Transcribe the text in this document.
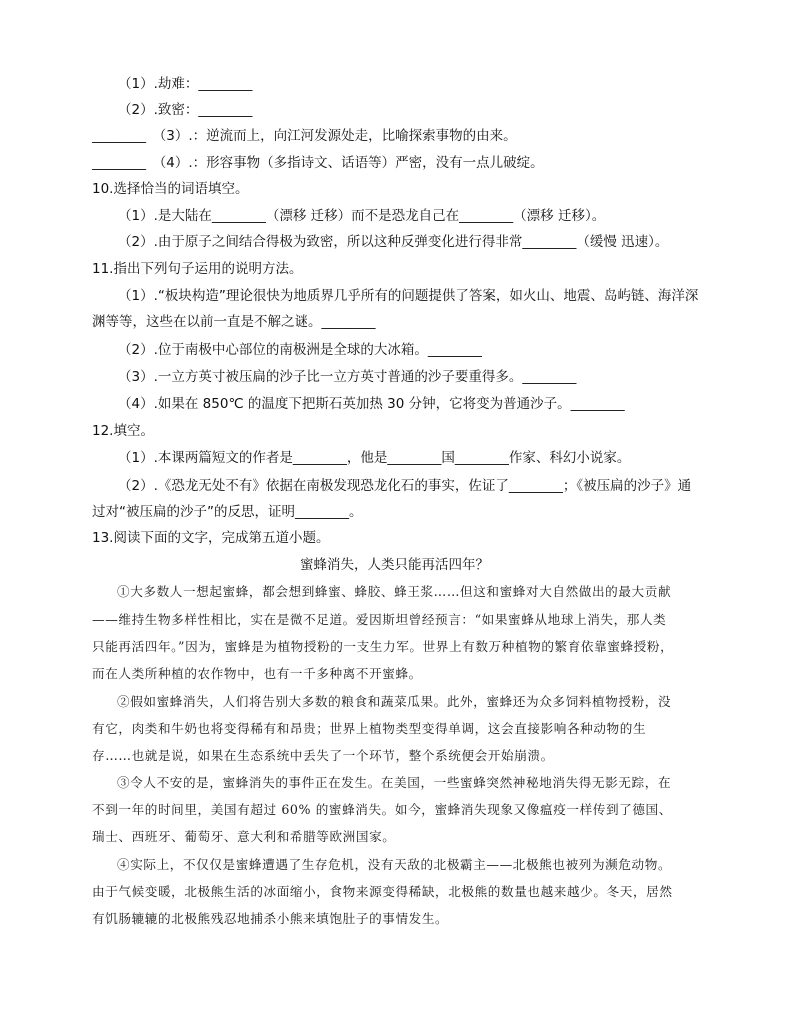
（1）.劫难：________
（2）.致密：________
________　（3）.：逆流而上，向江河发源处走，比喻探索事物的由来。
________　（4）.：形容事物（多指诗文、话语等）严密，没有一点儿破绽。
10.选择恰当的词语填空。
（1）.是大陆在________（漂移 迁移）而不是恐龙自己在________（漂移 迁移）。
（2）.由于原子之间结合得极为致密，所以这种反弹变化进行得非常________（缓慢 迅速）。
11.指出下列句子运用的说明方法。
（1）.“板块构造”理论很快为地质界几乎所有的问题提供了答案，如火山、地震、岛屿链、海洋深
渊等等，这些在以前一直是不解之谜。________
（2）.位于南极中心部位的南极洲是全球的大冰箱。________
（3）.一立方英寸被压扁的沙子比一立方英寸普通的沙子要重得多。________
（4）.如果在 850℃ 的温度下把斯石英加热 30 分钟，它将变为普通沙子。________
12.填空。
（1）.本课两篇短文的作者是________，他是________国________作家、科幻小说家。
（2）.《恐龙无处不有》依据在南极发现恐龙化石的事实，佐证了________；《被压扁的沙子》通
过对“被压扁的沙子”的反思，证明________。
13.阅读下面的文字，完成第五道小题。
蜜蜂消失，人类只能再活四年？
①大多数人一想起蜜蜂，都会想到蜂蜜、蜂胶、蜂王浆……但这和蜜蜂对大自然做出的最大贡献
——维持生物多样性相比，实在是微不足道。爱因斯坦曾经预言：“如果蜜蜂从地球上消失，那人类
只能再活四年。”因为，蜜蜂是为植物授粉的一支生力军。世界上有数万种植物的繁育依靠蜜蜂授粉，
而在人类所种植的农作物中，也有一千多种离不开蜜蜂。
②假如蜜蜂消失，人们将告别大多数的粮食和蔬菜瓜果。此外，蜜蜂还为众多饲料植物授粉，没
有它，肉类和牛奶也将变得稀有和昂贵；世界上植物类型变得单调，这会直接影响各种动物的生
存……也就是说，如果在生态系统中丢失了一个环节，整个系统便会开始崩溃。
③令人不安的是，蜜蜂消失的事件正在发生。在美国，一些蜜蜂突然神秘地消失得无影无踪，在
不到一年的时间里，美国有超过 60% 的蜜蜂消失。如今，蜜蜂消失现象又像瘟疫一样传到了德国、
瑞士、西班牙、葡萄牙、意大利和希腊等欧洲国家。
④实际上，不仅仅是蜜蜂遭遇了生存危机，没有天敌的北极霸主——北极熊也被列为濒危动物。
由于气候变暖，北极熊生活的冰面缩小，食物来源变得稀缺，北极熊的数量也越来越少。冬天，居然
有饥肠辘辘的北极熊残忍地捕杀小熊来填饱肚子的事情发生。
